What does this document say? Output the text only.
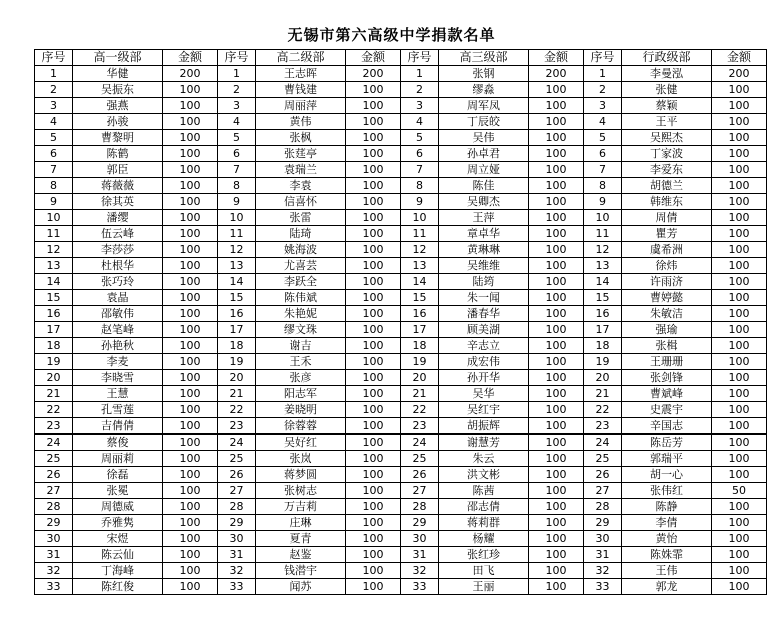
无锡市第六高级中学捐款名单
序号	高一级部	金额	序号	高二级部	金额	序号	高三级部	金额	序号	行政级部	金额
1	华健	200	1	王志晖	200	1	张钢	200	1	李曼泓	200
2	吴振东	100	2	曹钱建	100	2	缪淼	100	2	张健	100
3	强燕	100	3	周丽萍	100	3	周军凤	100	3	蔡颖	100
4	孙骏	100	4	黄伟	100	4	丁辰皎	100	4	王平	100
5	曹黎明	100	5	张枫	100	5	吴伟	100	5	吴熙杰	100
6	陈鹤	100	6	张莛亭	100	6	孙卓君	100	6	丁家波	100
7	郭臣	100	7	袁瑞兰	100	7	周立娅	100	7	李爱东	100
8	蒋薇薇	100	8	李袁	100	8	陈佳	100	8	胡德兰	100
9	徐其英	100	9	信喜怀	100	9	吴卿杰	100	9	韩维东	100
10	潘缨	100	10	张雷	100	10	王萍	100	10	周倩	100
11	伍云峰	100	11	陆琦	100	11	章卓华	100	11	瞿芳	100
12	李莎莎	100	12	姚海波	100	12	黄琳琳	100	12	虞希洲	100
13	杜根华	100	13	尤喜芸	100	13	吴维维	100	13	徐炜	100
14	张巧玲	100	14	李跃全	100	14	陆筠	100	14	许雨济	100
15	袁晶	100	15	陈伟斌	100	15	朱一闻	100	15	曹婷懿	100
16	邵敏伟	100	16	朱艳妮	100	16	潘春华	100	16	朱敏洁	100
17	赵笔峰	100	17	缪文珠	100	17	顾美湖	100	17	强瑜	100
18	孙艳秋	100	18	谢吉	100	18	辛志立	100	18	张楫	100
19	李麦	100	19	王禾	100	19	成宏伟	100	19	王珊珊	100
20	李晓雪	100	20	张彦	100	20	孙开华	100	20	张剑锋	100
21	王慧	100	21	阳志军	100	21	吴华	100	21	曹斌峰	100
22	孔雪莲	100	22	姜晓明	100	22	吴红宇	100	22	史震宇	100
23	吉倩倩	100	23	徐蓉蓉	100	23	胡振辉	100	23	辛国志	100
24	蔡俊	100	24	吴好红	100	24	谢慧芳	100	24	陈岳芳	100
25	周丽莉	100	25	张岚	100	25	朱云	100	25	郭瑞平	100
26	徐磊	100	26	蒋梦圆	100	26	洪文彬	100	26	胡一心	100
27	张冕	100	27	张树志	100	27	陈茜	100	27	张伟红	50
28	周德威	100	28	万吉莉	100	28	邵志倩	100	28	陈静	100
29	乔雅隽	100	29	庄琳	100	29	蒋莉群	100	29	李倩	100
30	宋煜	100	30	夏青	100	30	杨耀	100	30	黄怡	100
31	陈云仙	100	31	赵鉴	100	31	张红珍	100	31	陈姝霏	100
32	丁海峰	100	32	钱潜宇	100	32	田飞	100	32	王伟	100
33	陈红俊	100	33	闻苏	100	33	王丽	100	33	郭龙	100
